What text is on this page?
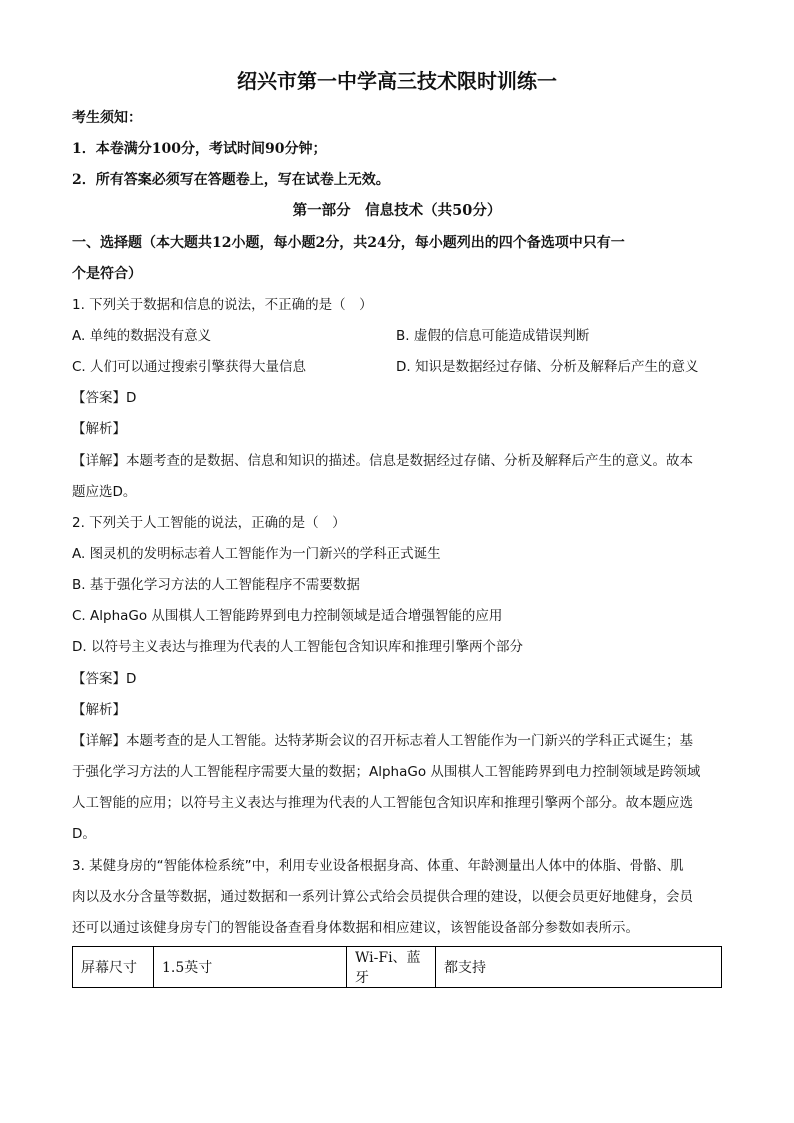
绍兴市第一中学高三技术限时训练一
考生须知：
1．本卷满分100分，考试时间90分钟；
2．所有答案必须写在答题卷上，写在试卷上无效。
第一部分　信息技术（共50分）
一、选择题（本大题共12小题，每小题2分，共24分，每小题列出的四个备选项中只有一
个是符合）
1. 下列关于数据和信息的说法，不正确的是（　）
A. 单纯的数据没有意义	B. 虚假的信息可能造成错误判断
C. 人们可以通过搜索引擎获得大量信息	D. 知识是数据经过存储、分析及解释后产生的意义
【答案】D
【解析】
【详解】本题考查的是数据、信息和知识的描述。信息是数据经过存储、分析及解释后产生的意义。故本
题应选D。
2. 下列关于人工智能的说法，正确的是（　）
A. 图灵机的发明标志着人工智能作为一门新兴的学科正式诞生
B. 基于强化学习方法的人工智能程序不需要数据
C. AlphaGo 从围棋人工智能跨界到电力控制领域是适合增强智能的应用
D. 以符号主义表达与推理为代表的人工智能包含知识库和推理引擎两个部分
【答案】D
【解析】
【详解】本题考查的是人工智能。达特茅斯会议的召开标志着人工智能作为一门新兴的学科正式诞生；基
于强化学习方法的人工智能程序需要大量的数据；AlphaGo 从围棋人工智能跨界到电力控制领域是跨领域
人工智能的应用；以符号主义表达与推理为代表的人工智能包含知识库和推理引擎两个部分。故本题应选
D。
3. 某健身房的“智能体检系统”中，利用专业设备根据身高、体重、年龄测量出人体中的体脂、骨骼、肌
肉以及水分含量等数据，通过数据和一系列计算公式给会员提供合理的建设，以便会员更好地健身，会员
还可以通过该健身房专门的智能设备查看身体数据和相应建议，该智能设备部分参数如表所示。
屏幕尺寸	1.5英寸	Wi-Fi、蓝牙	都支持
